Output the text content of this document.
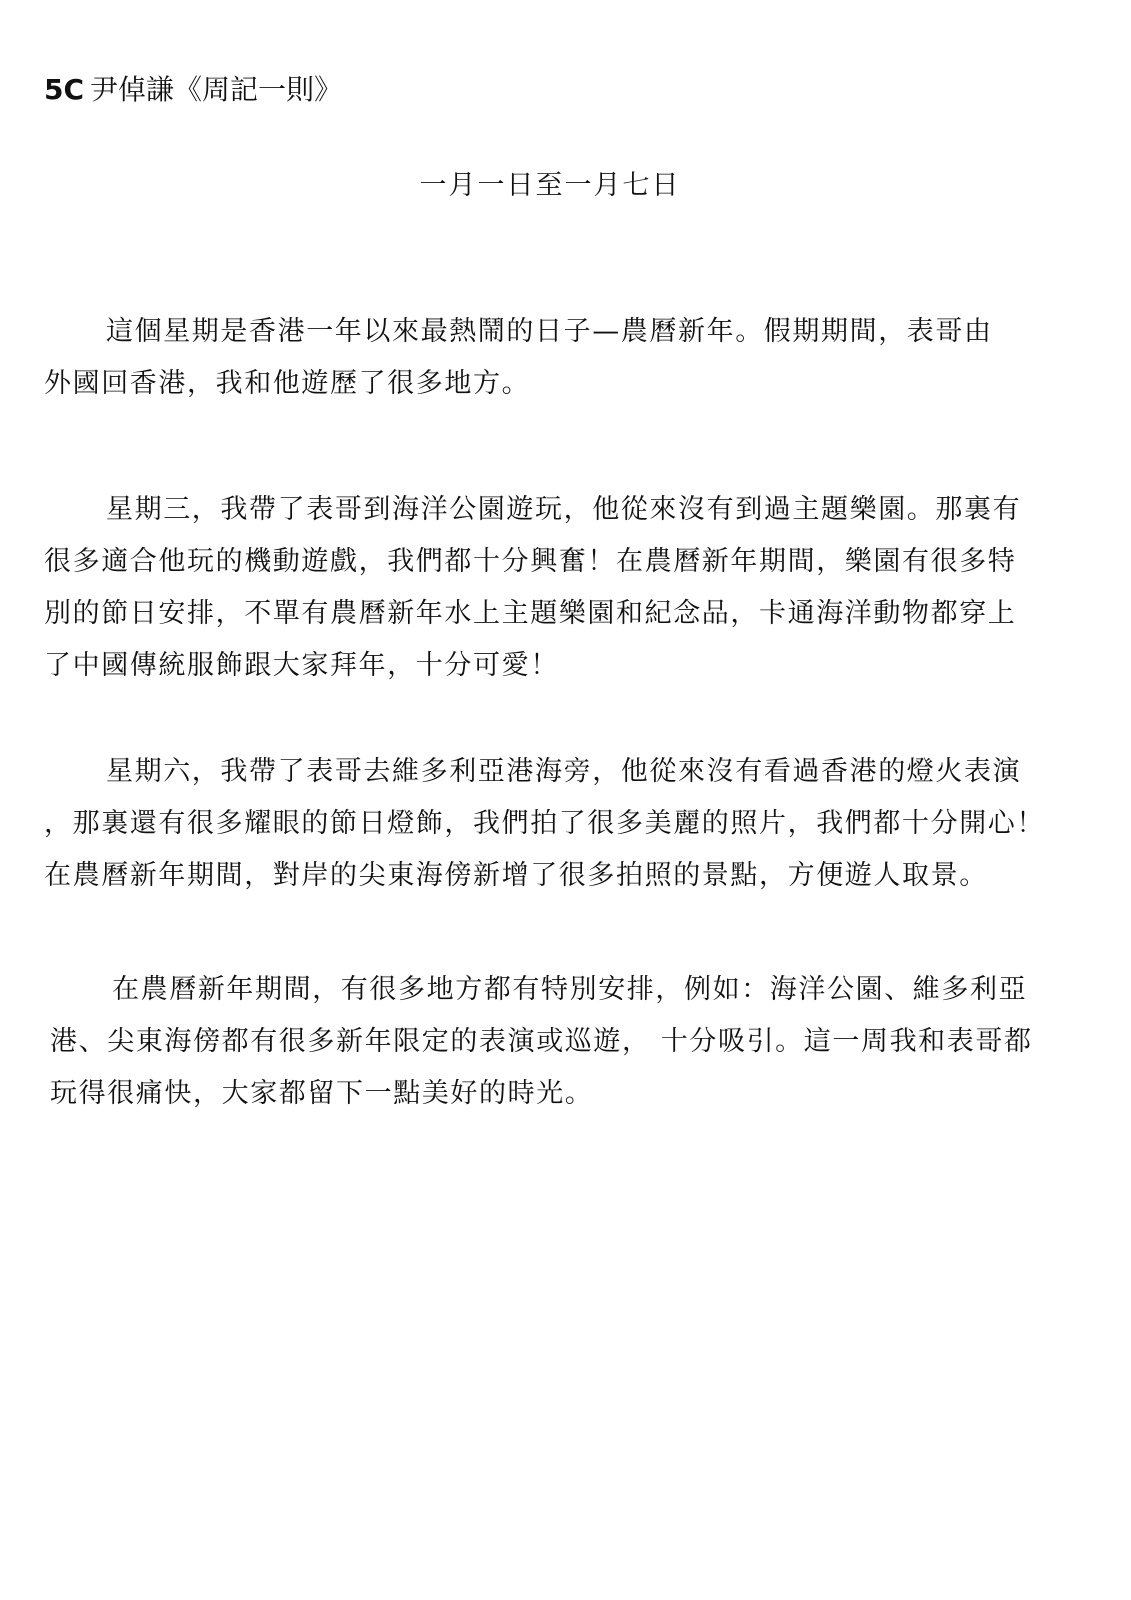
5C 尹倬謙《周記一則》
一月一日至一月七日

這個星期是香港一年以來最熱鬧的日子—農曆新年。假期期間，表哥由
外國回香港，我和他遊歷了很多地方。

星期三，我帶了表哥到海洋公園遊玩，他從來沒有到過主題樂園。那裏有
很多適合他玩的機動遊戲，我們都十分興奮！在農曆新年期間，樂園有很多特
別的節日安排，不單有農曆新年水上主題樂園和紀念品，卡通海洋動物都穿上
了中國傳統服飾跟大家拜年，十分可愛！

星期六，我帶了表哥去維多利亞港海旁，他從來沒有看過香港的燈火表演
，那裏還有很多耀眼的節日燈飾，我們拍了很多美麗的照片，我們都十分開心！
在農曆新年期間，對岸的尖東海傍新增了很多拍照的景點，方便遊人取景。

在農曆新年期間，有很多地方都有特別安排，例如：海洋公園、維多利亞
港、尖東海傍都有很多新年限定的表演或巡遊， 十分吸引。這一周我和表哥都
玩得很痛快，大家都留下一點美好的時光。
